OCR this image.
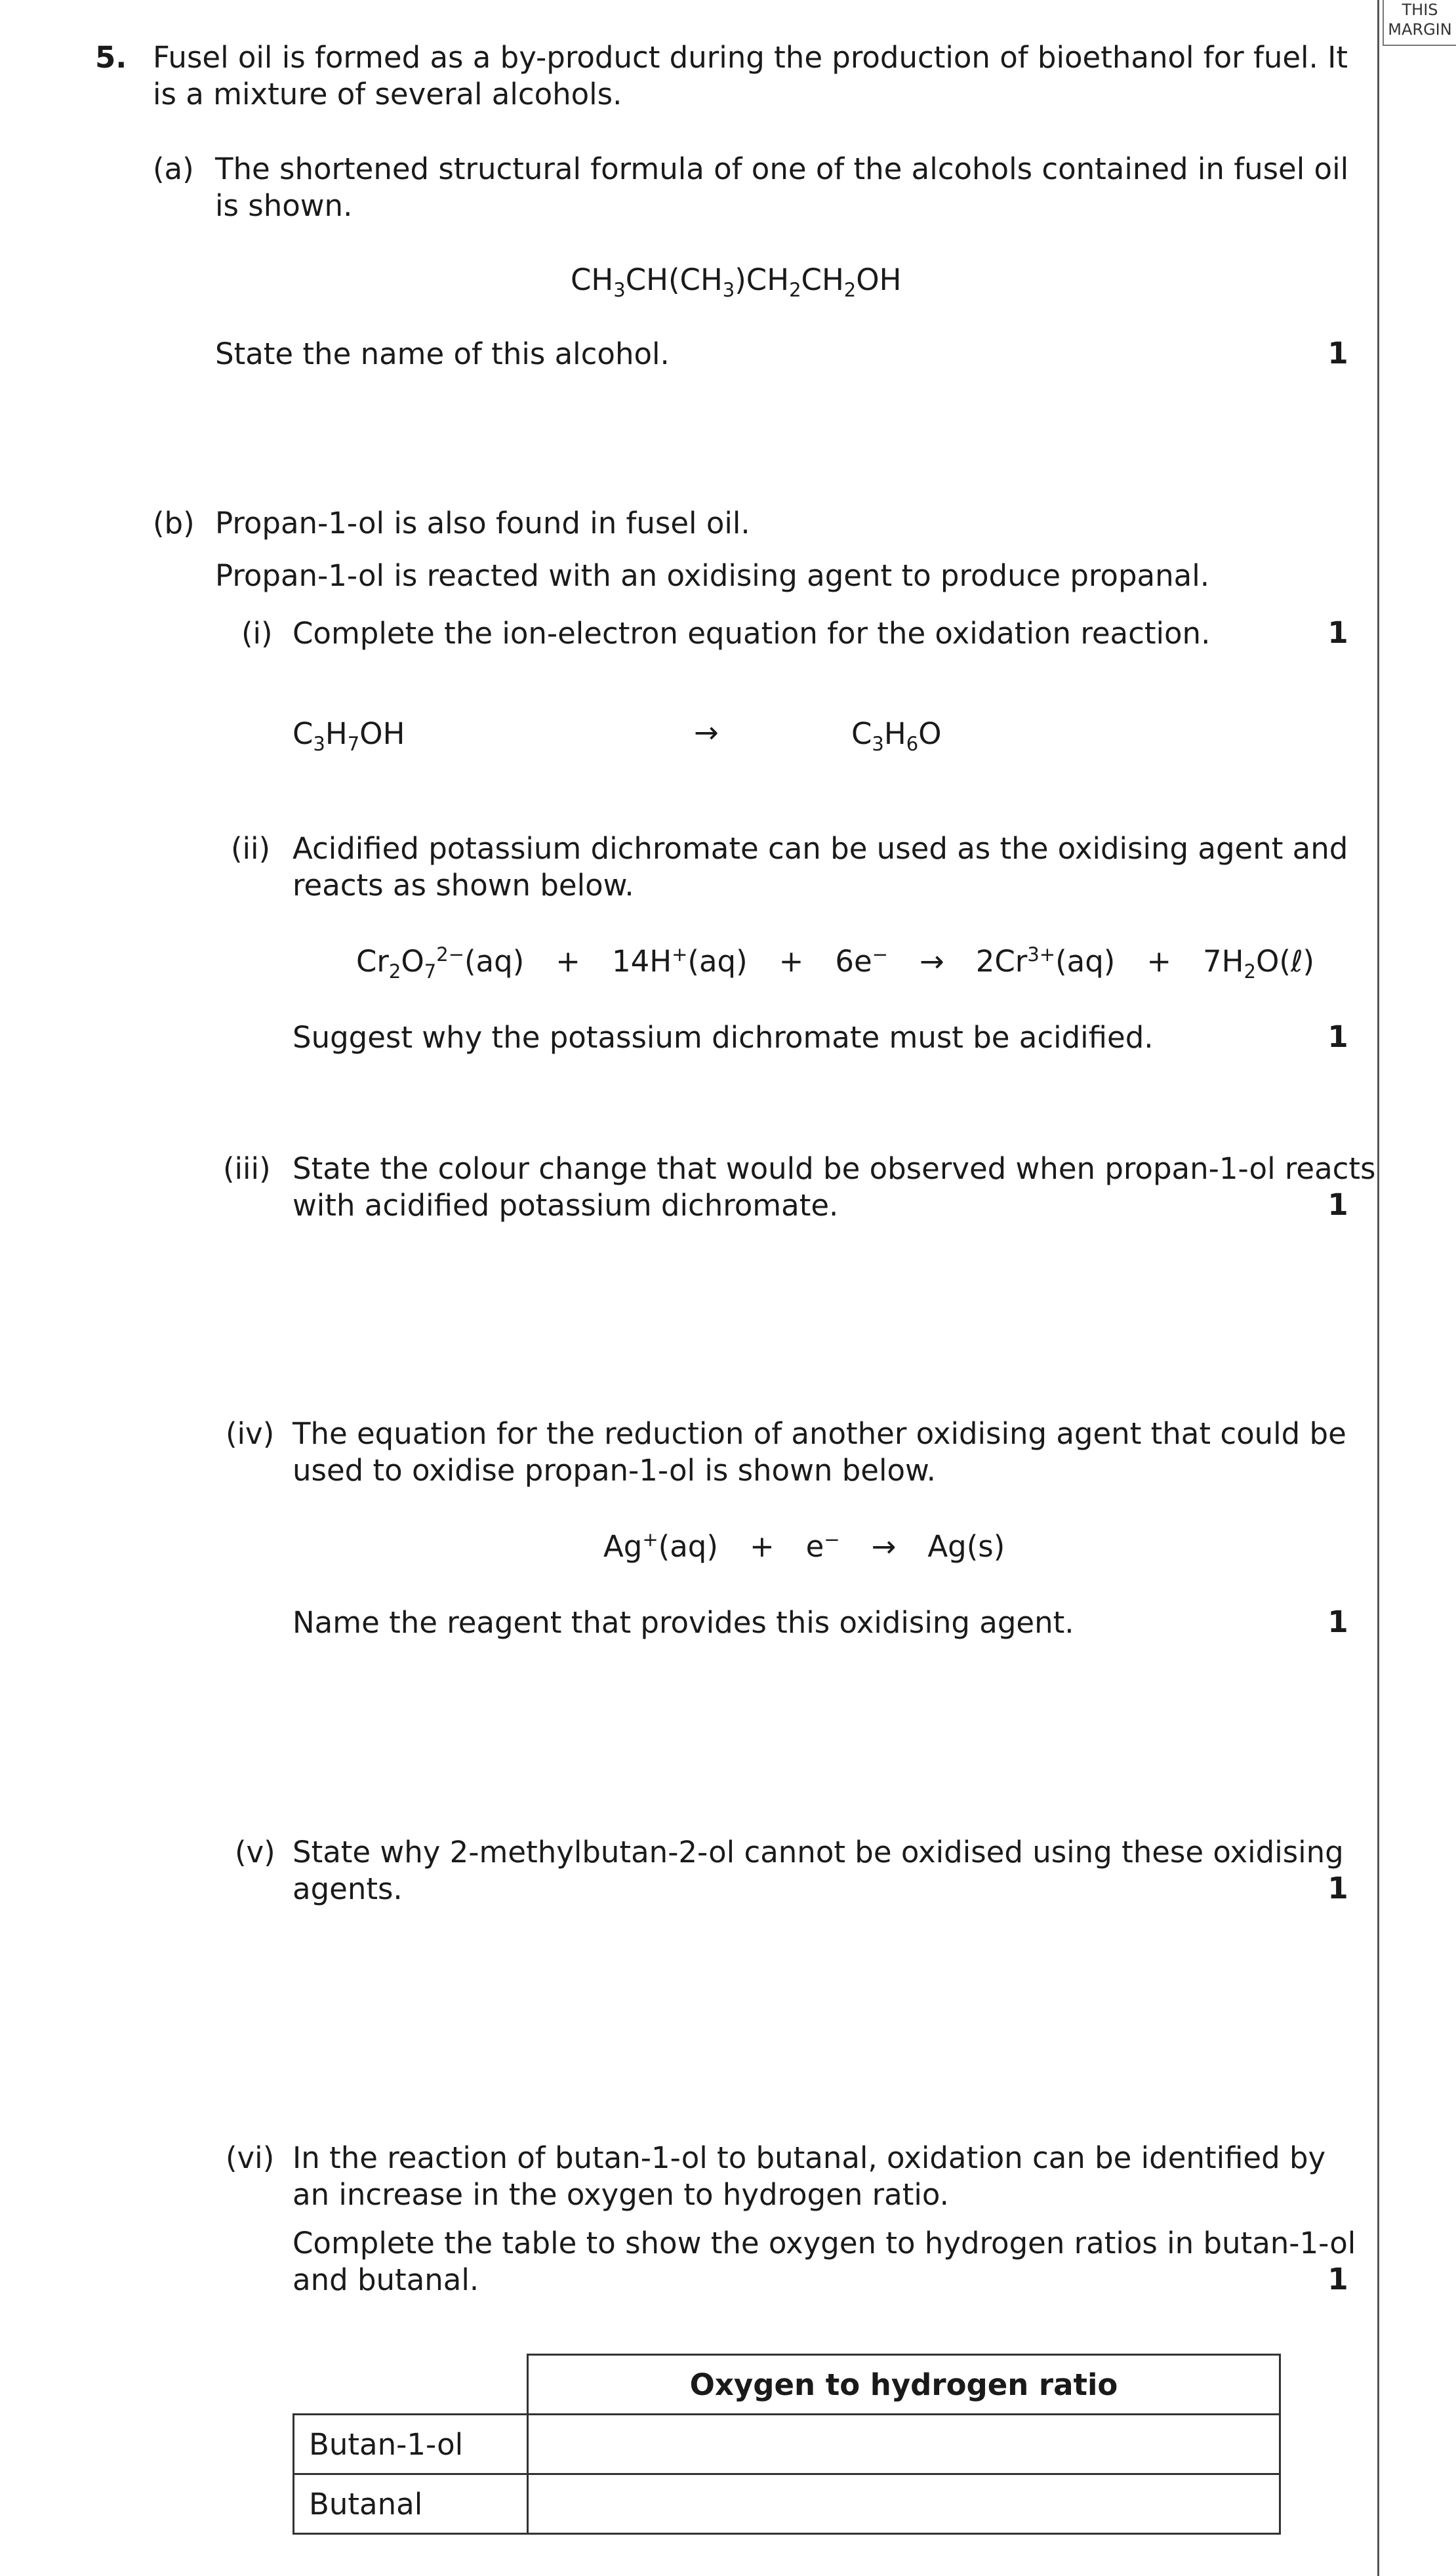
THIS
MARGIN
5. Fusel oil is formed as a by-product during the production of bioethanol for fuel. It
is a mixture of several alcohols.
(a) The shortened structural formula of one of the alcohols contained in fusel oil
is shown.
$CH_3CH(CH_3)CH_2CH_2OH$
State the name of this alcohol.	1
(b) Propan-1-ol is also found in fusel oil.
Propan-1-ol is reacted with an oxidising agent to produce propanal.
(i) Complete the ion-electron equation for the oxidation reaction.	1
$C_3H_7OH$	→	$C_3H_6O$
(ii) Acidified potassium dichromate can be used as the oxidising agent and
reacts as shown below.
$Cr_2O_7^{2-}(aq) + 14H^+(aq) + 6e^- \to 2Cr^{3+}(aq)$ + $7H_2O(\ell)$
Suggest why the potassium dichromate must be acidified.	1
(iii) State the colour change that would be observed when propan-1-ol reacts
with acidified potassium dichromate.	1
(iv) The equation for the reduction of another oxidising agent that could be
used to oxidise propan-1-ol is shown below.
Ag+(aq) + e− → Ag(s)
Name the reagent that provides this oxidising agent.	1
(v) State why 2-methylbutan-2-ol cannot be oxidised using these oxidising
agents.	1
(vi) In the reaction of butan-1-ol to butanal, oxidation can be identified by
an increase in the oxygen to hydrogen ratio.
Complete the table to show the oxygen to hydrogen ratios in butan-1-ol
and butanal.	1
	Oxygen to hydrogen ratio
Butan-1-ol	
Butanal	
